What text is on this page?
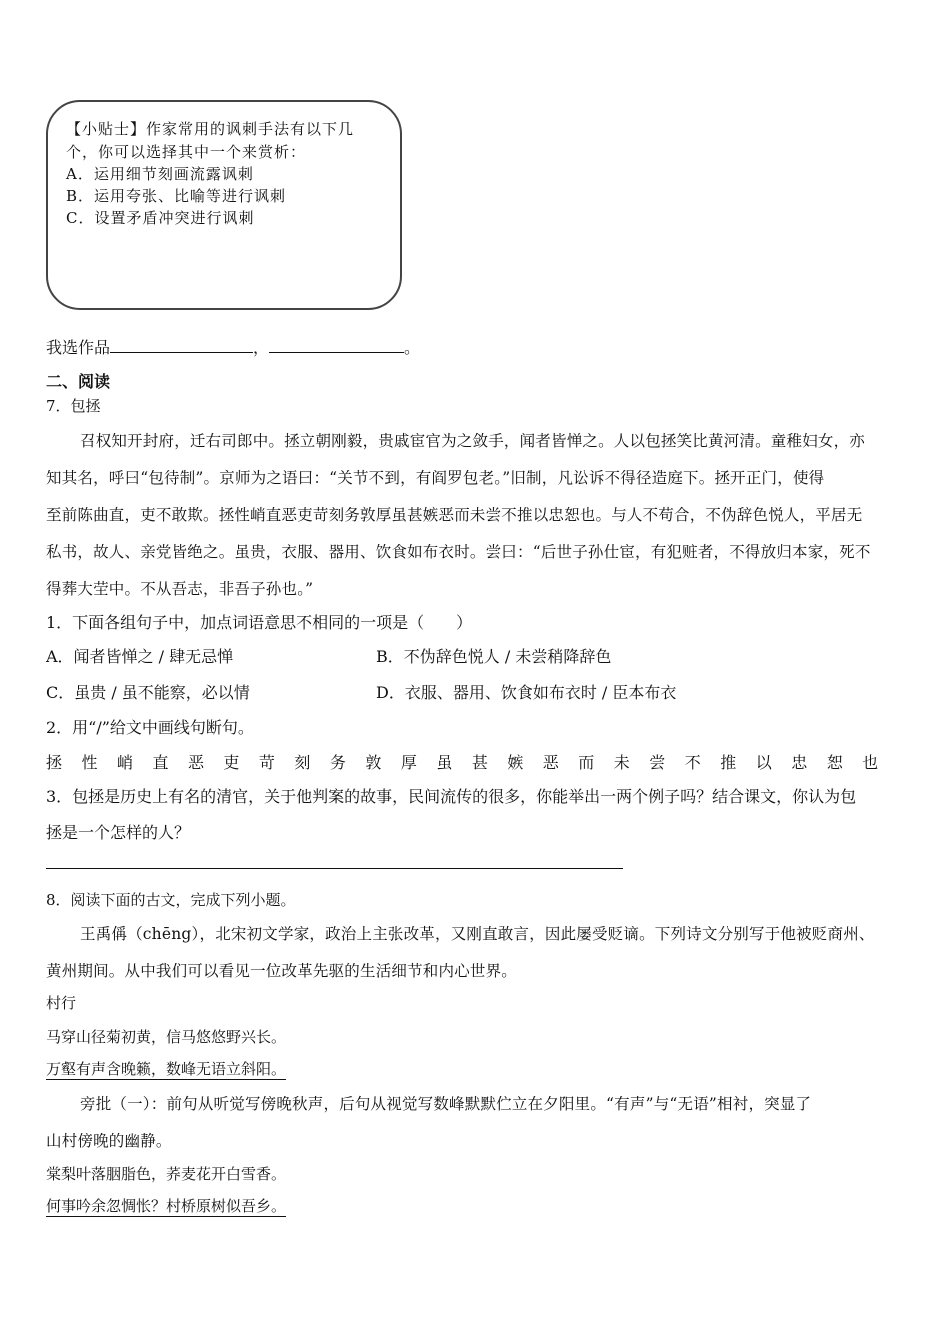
【小贴士】作家常用的讽刺手法有以下几
个，你可以选择其中一个来赏析：
A．运用细节刻画流露讽刺
B．运用夸张、比喻等进行讽刺
C．设置矛盾冲突进行讽刺
我选作品	，	。
二、阅读
7．包拯
召权知开封府，迁右司郎中。拯立朝刚毅，贵戚宦官为之敛手，闻者皆惮之。人以包拯笑比黄河清。童稚妇女，亦
知其名，呼曰“包待制”。京师为之语曰：“关节不到，有阎罗包老。”旧制，凡讼诉不得径造庭下。拯开正门，使得
至前陈曲直，吏不敢欺。拯性峭直恶吏苛刻务敦厚虽甚嫉恶而未尝不推以忠恕也。与人不苟合，不伪辞色悦人，平居无
私书，故人、亲党皆绝之。虽贵，衣服、器用、饮食如布衣时。尝曰：“后世子孙仕宦，有犯赃者，不得放归本家，死不
得葬大茔中。不从吾志，非吾子孙也。”
1．下面各组句子中，加点词语意思不相同的一项是（　　）
A．闻者皆惮之 / 肆无忌惮	B．不伪辞色悦人 / 未尝稍降辞色
C．虽贵 / 虽不能察，必以情	D．衣服、器用、饮食如布衣时 / 臣本布衣
2．用“/”给文中画线句断句。
拯 性 峭 直 恶 吏 苛 刻 务 敦 厚 虽 甚 嫉 恶 而 未 尝 不 推 以 忠 恕 也
3．包拯是历史上有名的清官，关于他判案的故事，民间流传的很多，你能举出一两个例子吗？结合课文，你认为包
拯是一个怎样的人？
8．阅读下面的古文，完成下列小题。
王禹偁（chēng），北宋初文学家，政治上主张改革，又刚直敢言，因此屡受贬谪。下列诗文分别写于他被贬商州、
黄州期间。从中我们可以看见一位改革先驱的生活细节和内心世界。
村行
马穿山径菊初黄，信马悠悠野兴长。
万壑有声含晚籁，数峰无语立斜阳。
旁批（一）：前句从听觉写傍晚秋声，后句从视觉写数峰默默伫立在夕阳里。“有声”与“无语”相衬，突显了
山村傍晚的幽静。
棠梨叶落胭脂色，荞麦花开白雪香。
何事吟余忽惆怅？村桥原树似吾乡。
